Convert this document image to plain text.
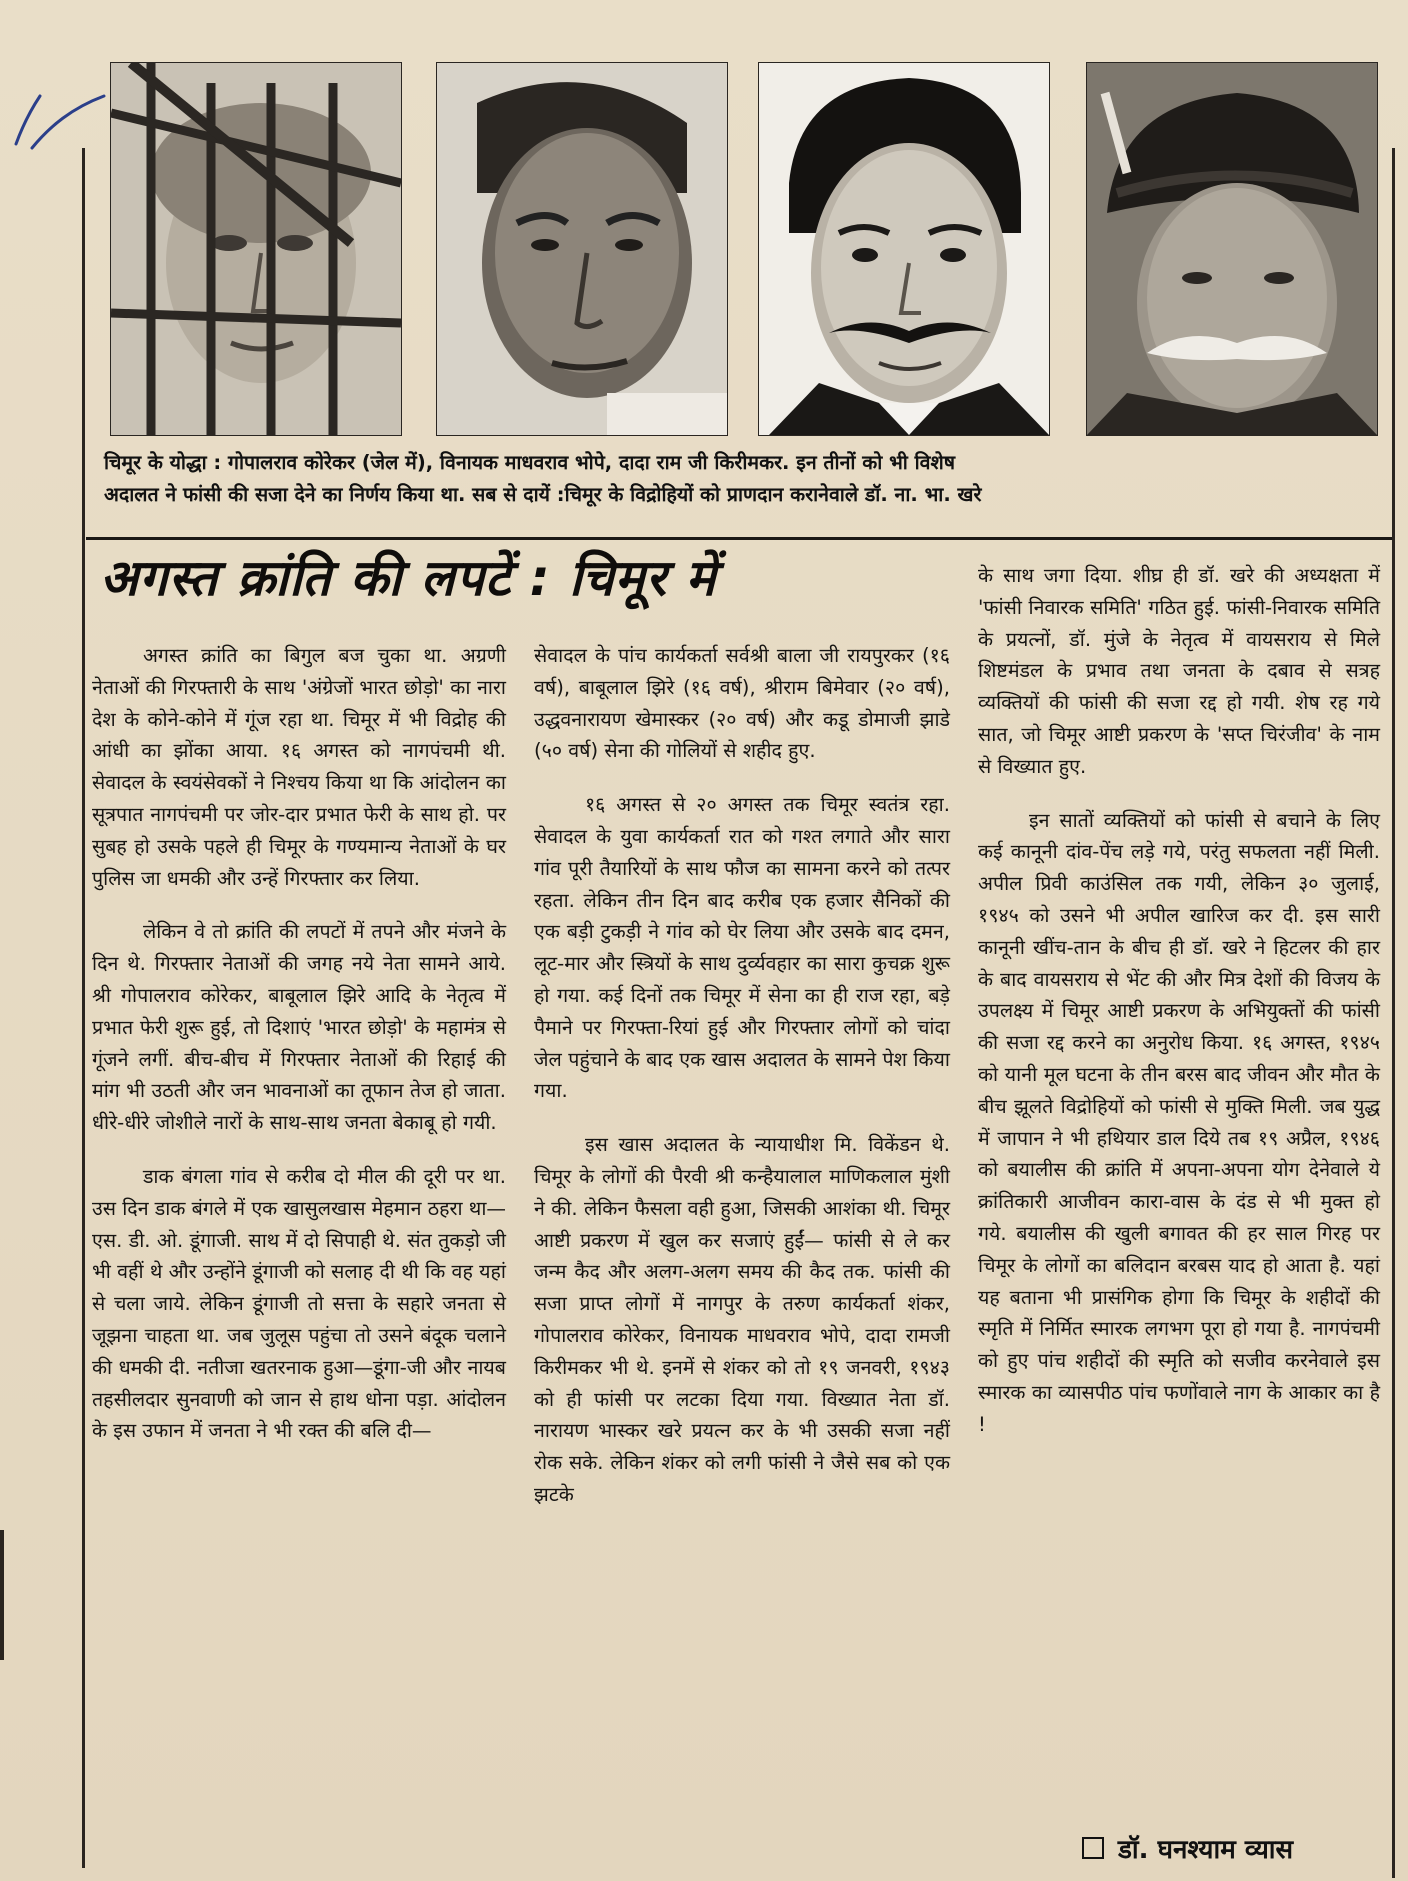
चिमूर के योद्धा : गोपालराव कोरेकर (जेल में), विनायक माधवराव भोपे, दादा राम जी किरीमकर. इन तीनों को भी विशेष
अदालत ने फांसी की सजा देने का निर्णय किया था. सब से दायें :चिमूर के विद्रोहियों को प्राणदान करानेवाले डॉ. ना. भा. खरे
अगस्त क्रांति की लपटें : चिमूर में

अगस्त क्रांति का बिगुल बज चुका था. अग्रणी नेताओं की गिरफ्तारी के साथ 'अंग्रेजों भारत छोड़ो' का नारा देश के कोने-कोने में गूंज रहा था. चिमूर में भी विद्रोह की आंधी का झोंका आया. १६ अगस्त को नागपंचमी थी. सेवादल के स्वयंसेवकों ने निश्चय किया था कि आंदोलन का सूत्रपात नागपंचमी पर जोर-दार प्रभात फेरी के साथ हो. पर सुबह हो उसके पहले ही चिमूर के गण्यमान्य नेताओं के घर पुलिस जा धमकी और उन्हें गिरफ्तार कर लिया.

लेकिन वे तो क्रांति की लपटों में तपने और मंजने के दिन थे. गिरफ्तार नेताओं की जगह नये नेता सामने आये. श्री गोपालराव कोरेकर, बाबूलाल झिरे आदि के नेतृत्व में प्रभात फेरी शुरू हुई, तो दिशाएं 'भारत छोड़ो' के महामंत्र से गूंजने लगीं. बीच-बीच में गिरफ्तार नेताओं की रिहाई की मांग भी उठती और जन भावनाओं का तूफान तेज हो जाता. धीरे-धीरे जोशीले नारों के साथ-साथ जनता बेकाबू हो गयी.

डाक बंगला गांव से करीब दो मील की दूरी पर था. उस दिन डाक बंगले में एक खासुलखास मेहमान ठहरा था— एस. डी. ओ. डूंगाजी. साथ में दो सिपाही थे. संत तुकड़ो जी भी वहीं थे और उन्होंने डूंगाजी को सलाह दी थी कि वह यहां से चला जाये. लेकिन डूंगाजी तो सत्ता के सहारे जनता से जूझना चाहता था. जब जुलूस पहुंचा तो उसने बंदूक चलाने की धमकी दी. नतीजा खतरनाक हुआ—डूंगा-जी और नायब तहसीलदार सुनवाणी को जान से हाथ धोना पड़ा. आंदोलन के इस उफान में जनता ने भी रक्त की बलि दी—

सेवादल के पांच कार्यकर्ता सर्वश्री बाला जी रायपुरकर (१६ वर्ष), बाबूलाल झिरे (१६ वर्ष), श्रीराम बिमेवार (२० वर्ष), उद्धवनारायण खेमास्कर (२० वर्ष) और कडू डोमाजी झाडे (५० वर्ष) सेना की गोलियों से शहीद हुए.

१६ अगस्त से २० अगस्त तक चिमूर स्वतंत्र रहा. सेवादल के युवा कार्यकर्ता रात को गश्त लगाते और सारा गांव पूरी तैयारियों के साथ फौज का सामना करने को तत्पर रहता. लेकिन तीन दिन बाद करीब एक हजार सैनिकों की एक बड़ी टुकड़ी ने गांव को घेर लिया और उसके बाद दमन, लूट-मार और स्त्रियों के साथ दुर्व्यवहार का सारा कुचक्र शुरू हो गया. कई दिनों तक चिमूर में सेना का ही राज रहा, बड़े पैमाने पर गिरफ्ता-रियां हुई और गिरफ्तार लोगों को चांदा जेल पहुंचाने के बाद एक खास अदालत के सामने पेश किया गया.

इस खास अदालत के न्यायाधीश मि. विकेंडन थे. चिमूर के लोगों की पैरवी श्री कन्हैयालाल माणिकलाल मुंशी ने की. लेकिन फैसला वही हुआ, जिसकी आशंका थी. चिमूर आष्टी प्रकरण में खुल कर सजाएं हुईं— फांसी से ले कर जन्म कैद और अलग-अलग समय की कैद तक. फांसी की सजा प्राप्त लोगों में नागपुर के तरुण कार्यकर्ता शंकर, गोपालराव कोरेकर, विनायक माधवराव भोपे, दादा रामजी किरीमकर भी थे. इनमें से शंकर को तो १९ जनवरी, १९४३ को ही फांसी पर लटका दिया गया. विख्यात नेता डॉ. नारायण भास्कर खरे प्रयत्न कर के भी उसकी सजा नहीं रोक सके. लेकिन शंकर को लगी फांसी ने जैसे सब को एक झटके

के साथ जगा दिया. शीघ्र ही डॉ. खरे की अध्यक्षता में 'फांसी निवारक समिति' गठित हुई. फांसी-निवारक समिति के प्रयत्नों, डॉ. मुंजे के नेतृत्व में वायसराय से मिले शिष्टमंडल के प्रभाव तथा जनता के दबाव से सत्रह व्यक्तियों की फांसी की सजा रद्द हो गयी. शेष रह गये सात, जो चिमूर आष्टी प्रकरण के 'सप्त चिरंजीव' के नाम से विख्यात हुए.

इन सातों व्यक्तियों को फांसी से बचाने के लिए कई कानूनी दांव-पेंच लड़े गये, परंतु सफलता नहीं मिली. अपील प्रिवी काउंसिल तक गयी, लेकिन ३० जुलाई, १९४५ को उसने भी अपील खारिज कर दी. इस सारी कानूनी खींच-तान के बीच ही डॉ. खरे ने हिटलर की हार के बाद वायसराय से भेंट की और मित्र देशों की विजय के उपलक्ष्य में चिमूर आष्टी प्रकरण के अभियुक्तों की फांसी की सजा रद्द करने का अनुरोध किया. १६ अगस्त, १९४५ को यानी मूल घटना के तीन बरस बाद जीवन और मौत के बीच झूलते विद्रोहियों को फांसी से मुक्ति मिली. जब युद्ध में जापान ने भी हथियार डाल दिये तब १९ अप्रैल, १९४६ को बयालीस की क्रांति में अपना-अपना योग देनेवाले ये क्रांतिकारी आजीवन कारा-वास के दंड से भी मुक्त हो गये. बयालीस की खुली बगावत की हर साल गिरह पर चिमूर के लोगों का बलिदान बरबस याद हो आता है. यहां यह बताना भी प्रासंगिक होगा कि चिमूर के शहीदों की स्मृति में निर्मित स्मारक लगभग पूरा हो गया है. नागपंचमी को हुए पांच शहीदों की स्मृति को सजीव करनेवाले इस स्मारक का व्यासपीठ पांच फणोंवाले नाग के आकार का है !

डॉ. घनश्याम व्यास
